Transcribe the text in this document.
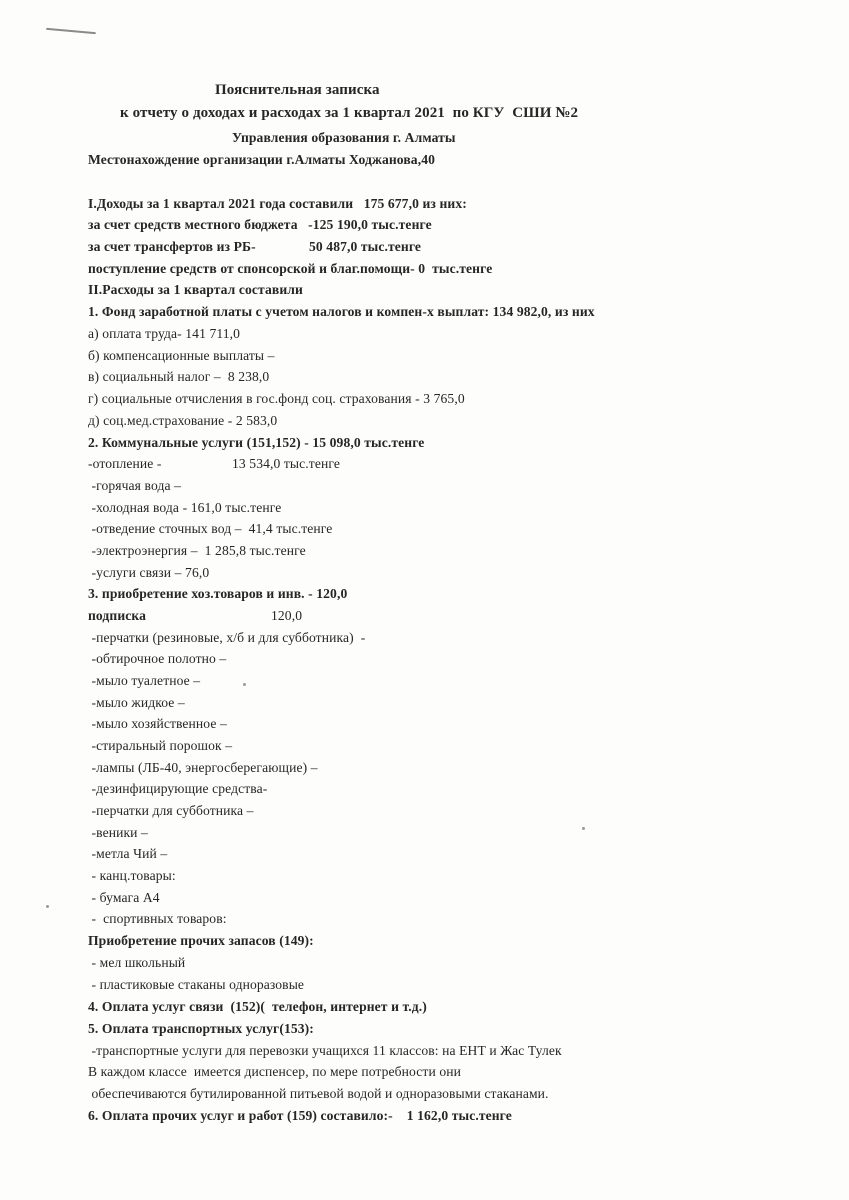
Пояснительная записка
к отчету о доходах и расходах за 1 квартал 2021  по КГУ  СШИ №2
Управления образования г. Алматы
Местонахождение организации г.Алматы Ходжанова,40
I.Доходы за 1 квартал 2021 года составили   175 677,0 из них:
за счет средств местного бюджета   -125 190,0 тыс.тенге
за счет трансфертов из РБ-	50 487,0 тыс.тенге
поступление средств от спонсорской и благ.помощи- 0  тыс.тенге
II.Расходы за 1 квартал составили
1. Фонд заработной платы с учетом налогов и компен-х выплат: 134 982,0, из них
а) оплата труда- 141 711,0
б) компенсационные выплаты –
в) социальный налог –  8 238,0
г) социальные отчисления в гос.фонд соц. страхования - 3 765,0
д) соц.мед.страхование - 2 583,0
2. Коммунальные услуги (151,152) - 15 098,0 тыс.тенге
-отопление -	13 534,0 тыс.тенге
-горячая вода –
-холодная вода - 161,0 тыс.тенге
-отведение сточных вод –  41,4 тыс.тенге
-электроэнергия –  1 285,8 тыс.тенге
-услуги связи – 76,0
3. приобретение хоз.товаров и инв. - 120,0
подписка	120,0
-перчатки (резиновые, х/б и для субботника)  -
-обтирочное полотно –
-мыло туалетное –
-мыло жидкое –
-мыло хозяйственное –
-стиральный порошок –
-лампы (ЛБ-40, энергосберегающие) –
-дезинфицирующие средства-
-перчатки для субботника –
-веники –
-метла Чий –
- канц.товары:
- бумага А4
-  спортивных товаров:
Приобретение прочих запасов (149):
- мел школьный
- пластиковые стаканы одноразовые
4. Оплата услуг связи  (152)(  телефон, интернет и т.д.)
5. Оплата транспортных услуг(153):
-транспортные услуги для перевозки учащихся 11 классов: на ЕНТ и Жас Тулек
В каждом классе  имеется диспенсер, по мере потребности они
обеспечиваются бутилированной питьевой водой и одноразовыми стаканами.
6. Оплата прочих услуг и работ (159) составило:-    1 162,0 тыс.тенге
